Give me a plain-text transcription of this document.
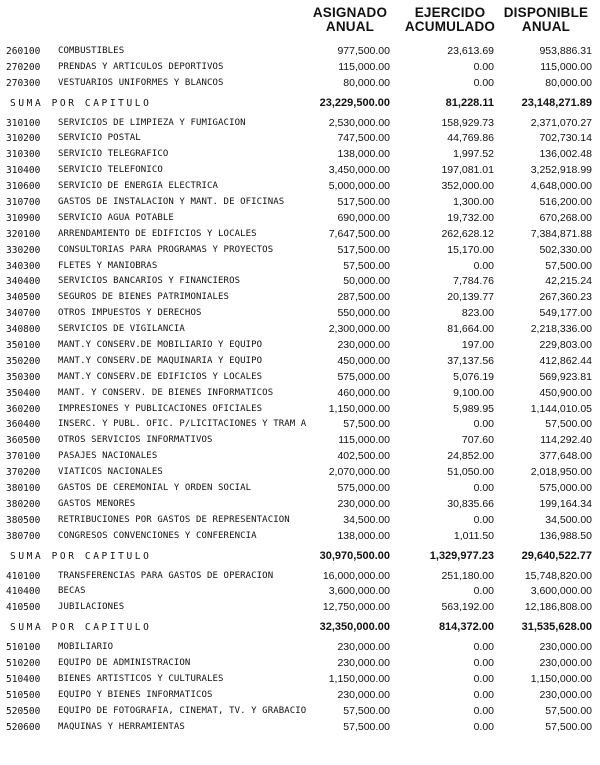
ASIGNADO
ANUAL
EJERCIDO
ACUMULADO
DISPONIBLE
ANUAL
260100 COMBUSTIBLES	977,500.00	23,613.69	953,886.31
270200 PRENDAS Y ARTICULOS DEPORTIVOS	115,000.00	0.00	115,000.00
270300 VESTUARIOS UNIFORMES Y BLANCOS	80,000.00	0.00	80,000.00
SUMA POR CAPITULO	23,229,500.00	81,228.11	23,148,271.89
310100 SERVICIOS DE LIMPIEZA Y FUMIGACION	2,530,000.00	158,929.73	2,371,070.27
310200 SERVICIO POSTAL	747,500.00	44,769.86	702,730.14
310300 SERVICIO TELEGRAFICO	138,000.00	1,997.52	136,002.48
310400 SERVICIO TELEFONICO	3,450,000.00	197,081.01	3,252,918.99
310600 SERVICIO DE ENERGIA ELECTRICA	5,000,000.00	352,000.00	4,648,000.00
310700 GASTOS DE INSTALACION Y MANT. DE OFICINAS	517,500.00	1,300.00	516,200.00
310900 SERVICIO AGUA POTABLE	690,000.00	19,732.00	670,268.00
320100 ARRENDAMIENTO DE EDIFICIOS Y LOCALES	7,647,500.00	262,628.12	7,384,871.88
330200 CONSULTORIAS PARA PROGRAMAS Y PROYECTOS	517,500.00	15,170.00	502,330.00
340300 FLETES Y MANIOBRAS	57,500.00	0.00	57,500.00
340400 SERVICIOS BANCARIOS Y FINANCIEROS	50,000.00	7,784.76	42,215.24
340500 SEGUROS DE BIENES PATRIMONIALES	287,500.00	20,139.77	267,360.23
340700 OTROS IMPUESTOS Y DERECHOS	550,000.00	823.00	549,177.00
340800 SERVICIOS DE VIGILANCIA	2,300,000.00	81,664.00	2,218,336.00
350100 MANT.Y CONSERV.DE MOBILIARIO Y EQUIPO	230,000.00	197.00	229,803.00
350200 MANT.Y CONSERV.DE MAQUINARIA Y EQUIPO	450,000.00	37,137.56	412,862.44
350300 MANT.Y CONSERV.DE EDIFICIOS Y LOCALES	575,000.00	5,076.19	569,923.81
350400 MANT. Y CONSERV. DE BIENES INFORMATICOS	460,000.00	9,100.00	450,900.00
360200 IMPRESIONES Y PUBLICACIONES OFICIALES	1,150,000.00	5,989.95	1,144,010.05
360400 INSERC. Y PUBL. OFIC. P/LICITACIONES Y TRAM A	57,500.00	0.00	57,500.00
360500 OTROS SERVICIOS INFORMATIVOS	115,000.00	707.60	114,292.40
370100 PASAJES NACIONALES	402,500.00	24,852.00	377,648.00
370200 VIATICOS NACIONALES	2,070,000.00	51,050.00	2,018,950.00
380100 GASTOS DE CEREMONIAL Y ORDEN SOCIAL	575,000.00	0.00	575,000.00
380200 GASTOS MENORES	230,000.00	30,835.66	199,164.34
380500 RETRIBUCIONES POR GASTOS DE REPRESENTACION	34,500.00	0.00	34,500.00
380700 CONGRESOS CONVENCIONES Y CONFERENCIA	138,000.00	1,011.50	136,988.50
SUMA POR CAPITULO	30,970,500.00	1,329,977.23	29,640,522.77
410100 TRANSFERENCIAS PARA GASTOS DE OPERACION	16,000,000.00	251,180.00	15,748,820.00
410400 BECAS	3,600,000.00	0.00	3,600,000.00
410500 JUBILACIONES	12,750,000.00	563,192.00	12,186,808.00
SUMA POR CAPITULO	32,350,000.00	814,372.00	31,535,628.00
510100 MOBILIARIO	230,000.00	0.00	230,000.00
510200 EQUIPO DE ADMINISTRACION	230,000.00	0.00	230,000.00
510400 BIENES ARTISTICOS Y CULTURALES	1,150,000.00	0.00	1,150,000.00
510500 EQUIPO Y BIENES INFORMATICOS	230,000.00	0.00	230,000.00
520500 EQUIPO DE FOTOGRAFIA, CINEMAT, TV. Y GRABACIO	57,500.00	0.00	57,500.00
520600 MAQUINAS Y HERRAMIENTAS	57,500.00	0.00	57,500.00
